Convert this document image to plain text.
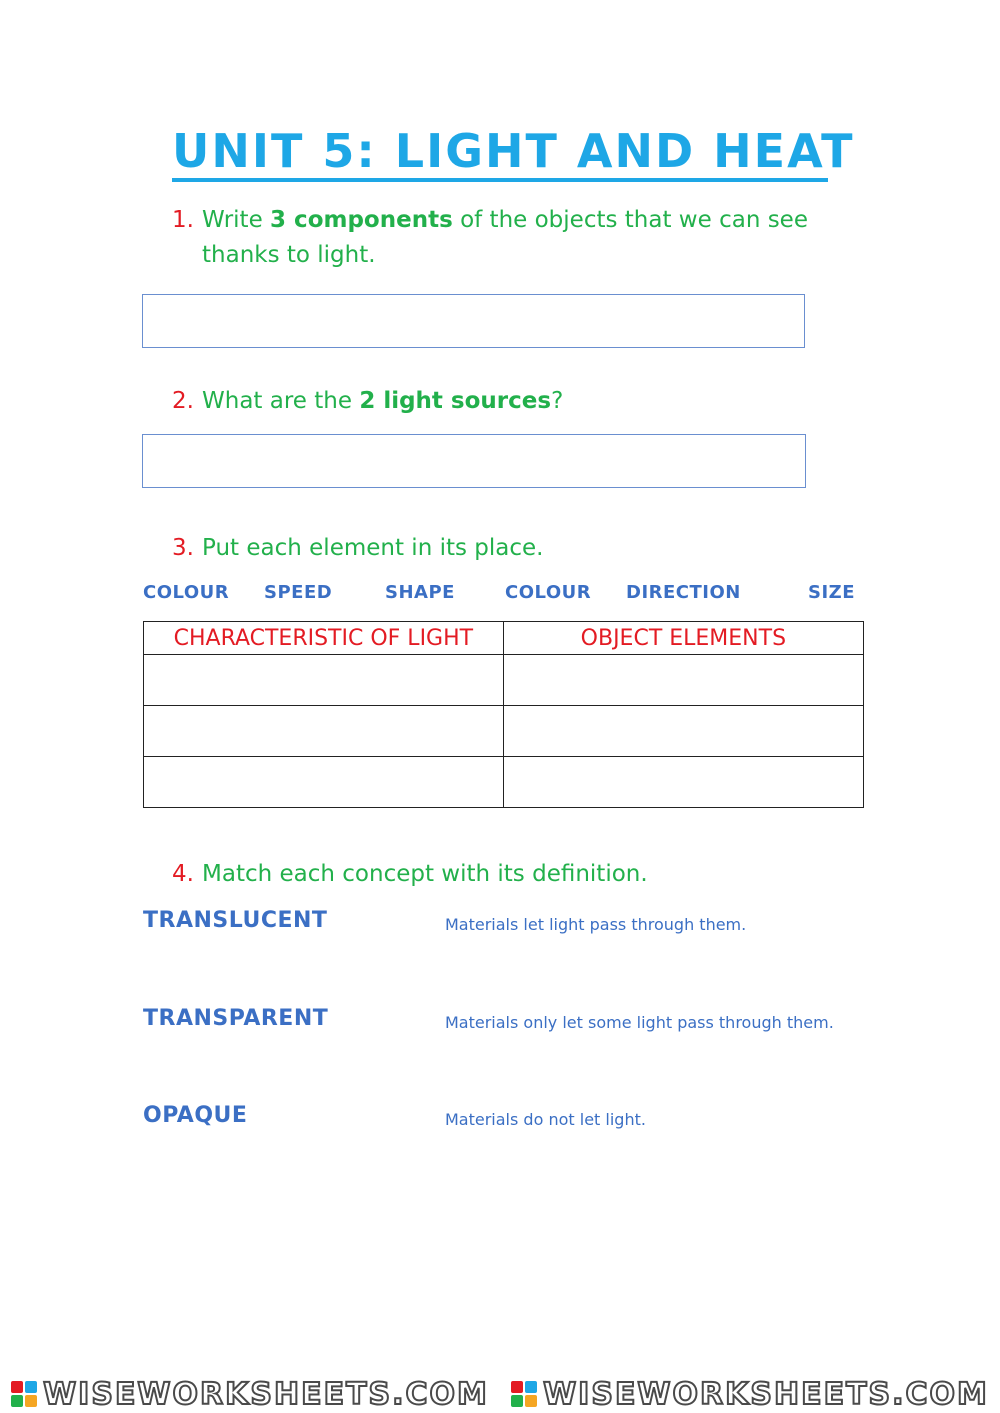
UNIT 5: LIGHT AND HEAT
1. Write 3 components of the objects that we can see
thanks to light.
2. What are the 2 light sources?
3. Put each element in its place.
COLOUR SPEED	SHAPE	COLOUR DIRECTION	SIZE
CHARACTERISTIC OF LIGHT	OBJECT ELEMENTS

4. Match each concept with its definition.
TRANSLUCENT	Materials let light pass through them.
TRANSPARENT	Materials only let some light pass through them.
OPAQUE	Materials do not let light.
WISEWORKSHEETS.COM WISEWORKSHEETS.COM
